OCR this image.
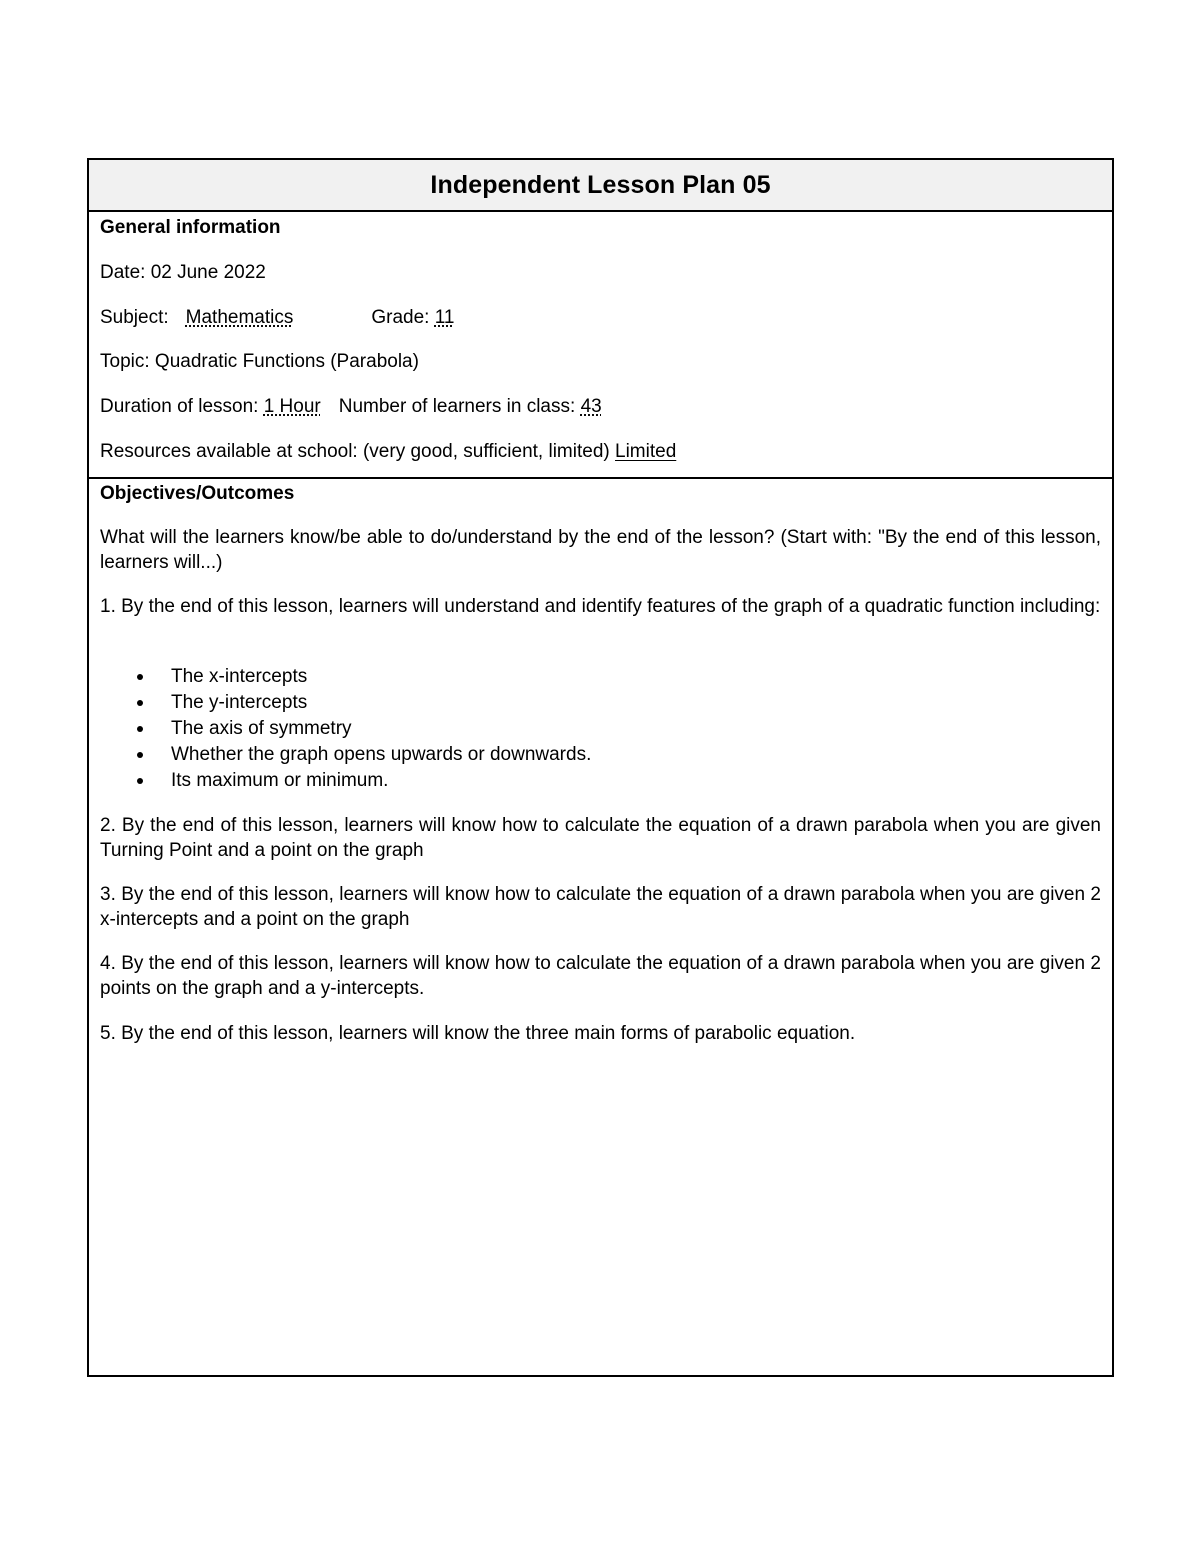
Independent Lesson Plan 05

General information

Date: 02 June 2022

Subject: Mathematics	Grade: 11

Topic: Quadratic Functions (Parabola)

Duration of lesson: 1 Hour Number of learners in class: 43

Resources available at school: (very good, sufficient, limited) Limited

Objectives/Outcomes

What will the learners know/be able to do/understand by the end of the lesson? (Start with: "By the end of this lesson, learners will...)

1. By the end of this lesson, learners will understand and identify features of the graph of a quadratic function including:

The x-intercepts
The y-intercepts
The axis of symmetry
Whether the graph opens upwards or downwards.
Its maximum or minimum.

2. By the end of this lesson, learners will know how to calculate the equation of a drawn parabola when you are given Turning Point and a point on the graph

3. By the end of this lesson, learners will know how to calculate the equation of a drawn parabola when you are given 2 x-intercepts and a point on the graph

4. By the end of this lesson, learners will know how to calculate the equation of a drawn parabola when you are given 2 points on the graph and a y-intercepts.

5. By the end of this lesson, learners will know the three main forms of parabolic equation.
